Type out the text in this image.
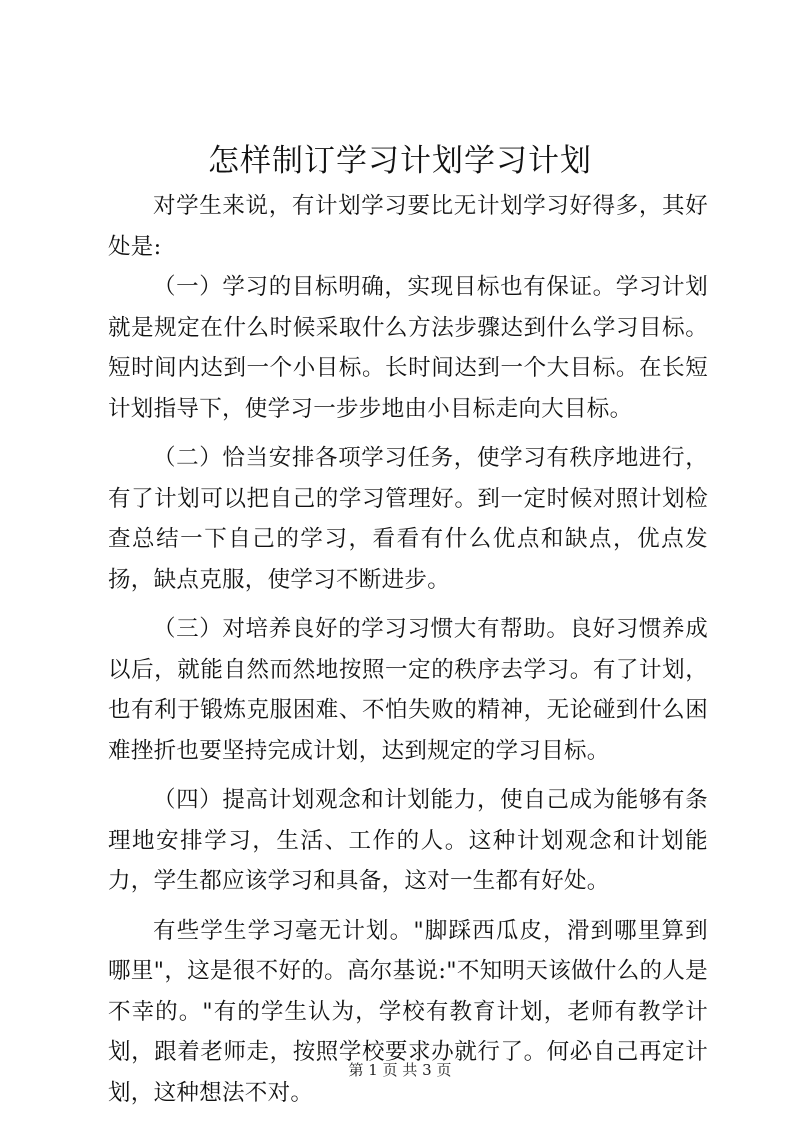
怎样制订学习计划学习计划

对学生来说，有计划学习要比无计划学习好得多，其好处是:

（一）学习的目标明确，实现目标也有保证。学习计划就是规定在什么时候采取什么方法步骤达到什么学习目标。短时间内达到一个小目标。长时间达到一个大目标。在长短计划指导下，使学习一步步地由小目标走向大目标。

（二）恰当安排各项学习任务，使学习有秩序地进行，有了计划可以把自己的学习管理好。到一定时候对照计划检查总结一下自己的学习，看看有什么优点和缺点，优点发扬，缺点克服，使学习不断进步。

（三）对培养良好的学习习惯大有帮助。良好习惯养成以后，就能自然而然地按照一定的秩序去学习。有了计划，也有利于锻炼克服困难、不怕失败的精神，无论碰到什么困难挫折也要坚持完成计划，达到规定的学习目标。

（四）提高计划观念和计划能力，使自己成为能够有条理地安排学习，生活、工作的人。这种计划观念和计划能力，学生都应该学习和具备，这对一生都有好处。

有些学生学习毫无计划。"脚踩西瓜皮，滑到哪里算到哪里"，这是很不好的。高尔基说:"不知明天该做什么的人是不幸的。"有的学生认为，学校有教育计划，老师有教学计划，跟着老师走，按照学校要求办就行了。何必自己再定计划，这种想法不对。

第 1 页 共 3 页
